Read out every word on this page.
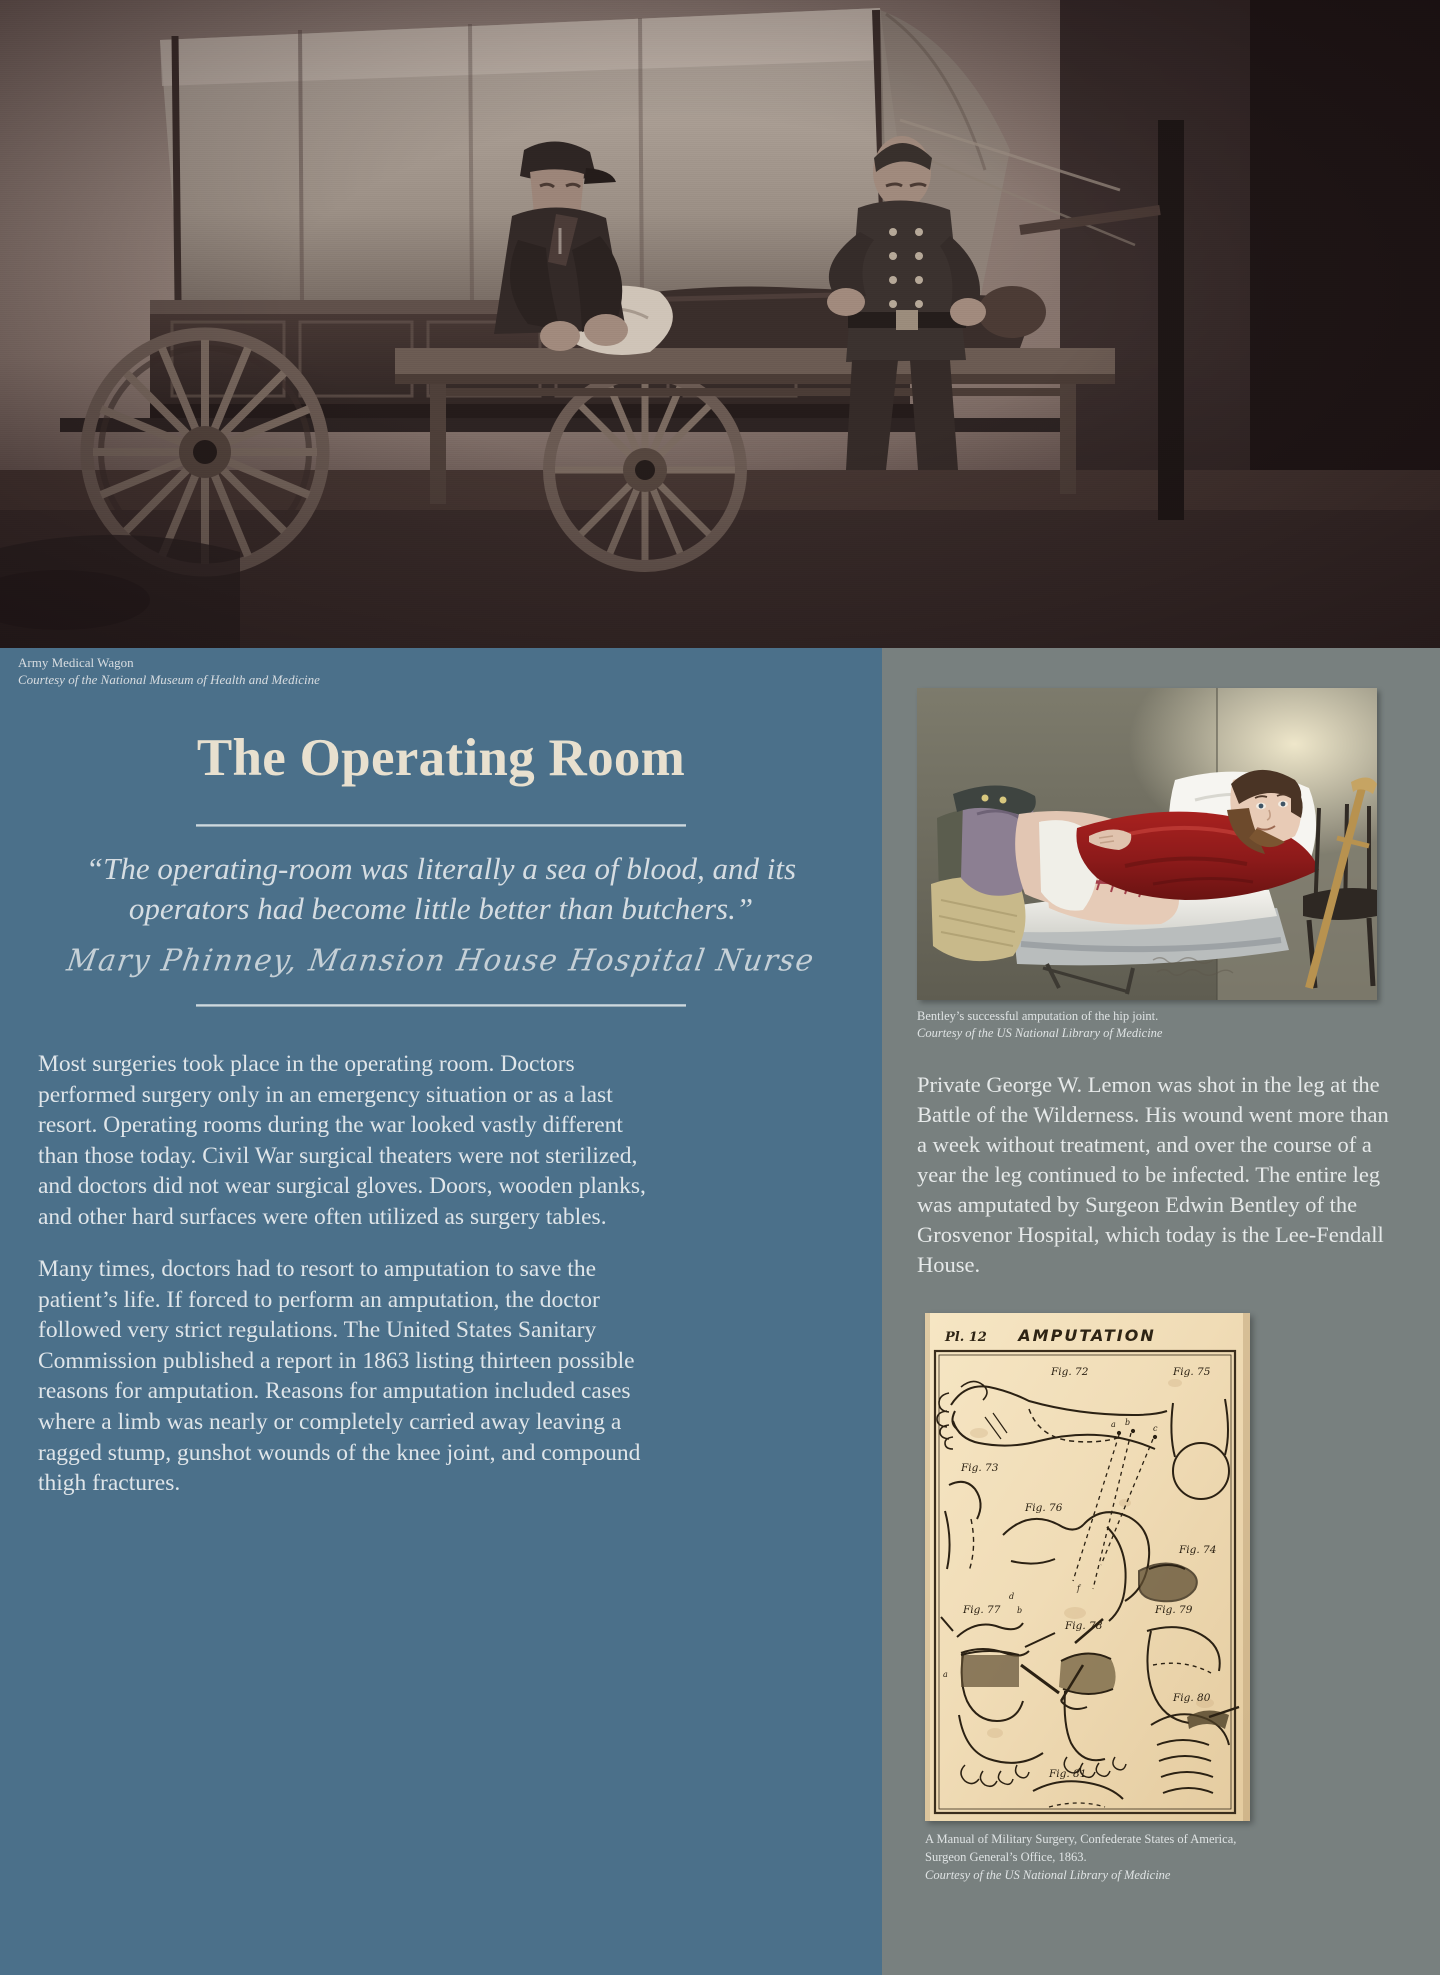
Army Medical Wagon
Courtesy of the National Museum of Health and Medicine
The Operating Room
“The operating-room was literally a sea of blood, and its operators had become little better than butchers.”
Mary Phinney, Mansion House Hospital Nurse

Most surgeries took place in the operating room. Doctors performed surgery only in an emergency situation or as a last resort. Operating rooms during the war looked vastly different than those today. Civil War surgical theaters were not sterilized, and doctors did not wear surgical gloves. Doors, wooden planks, and other hard surfaces were often utilized as surgery tables.

Many times, doctors had to resort to amputation to save the patient’s life. If forced to perform an amputation, the doctor followed very strict regulations. The United States Sanitary Commission published a report in 1863 listing thirteen possible reasons for amputation. Reasons for amputation included cases where a limb was nearly or completely carried away leaving a ragged stump, gunshot wounds of the knee joint, and compound thigh fractures.

Bentley’s successful amputation of the hip joint.
Courtesy of the US National Library of Medicine
Private George W. Lemon was shot in the leg at the Battle of the Wilderness. His wound went more than a week without treatment, and over the course of a year the leg continued to be infected. The entire leg was amputated by Surgeon Edwin Bentley of the Grosvenor Hospital, which today is the Lee-Fendall House.
Pl. 12 AMPUTATION
Fig. 72	Fig. 75
Fig. 73
Fig. 76
Fig. 74
Fig. 77
Fig. 78
Fig. 79
Fig. 80
Fig. 81
a
d
b
f
a b
c
A Manual of Military Surgery, Confederate States of America,
Surgeon General’s Office, 1863.
Courtesy of the US National Library of Medicine
